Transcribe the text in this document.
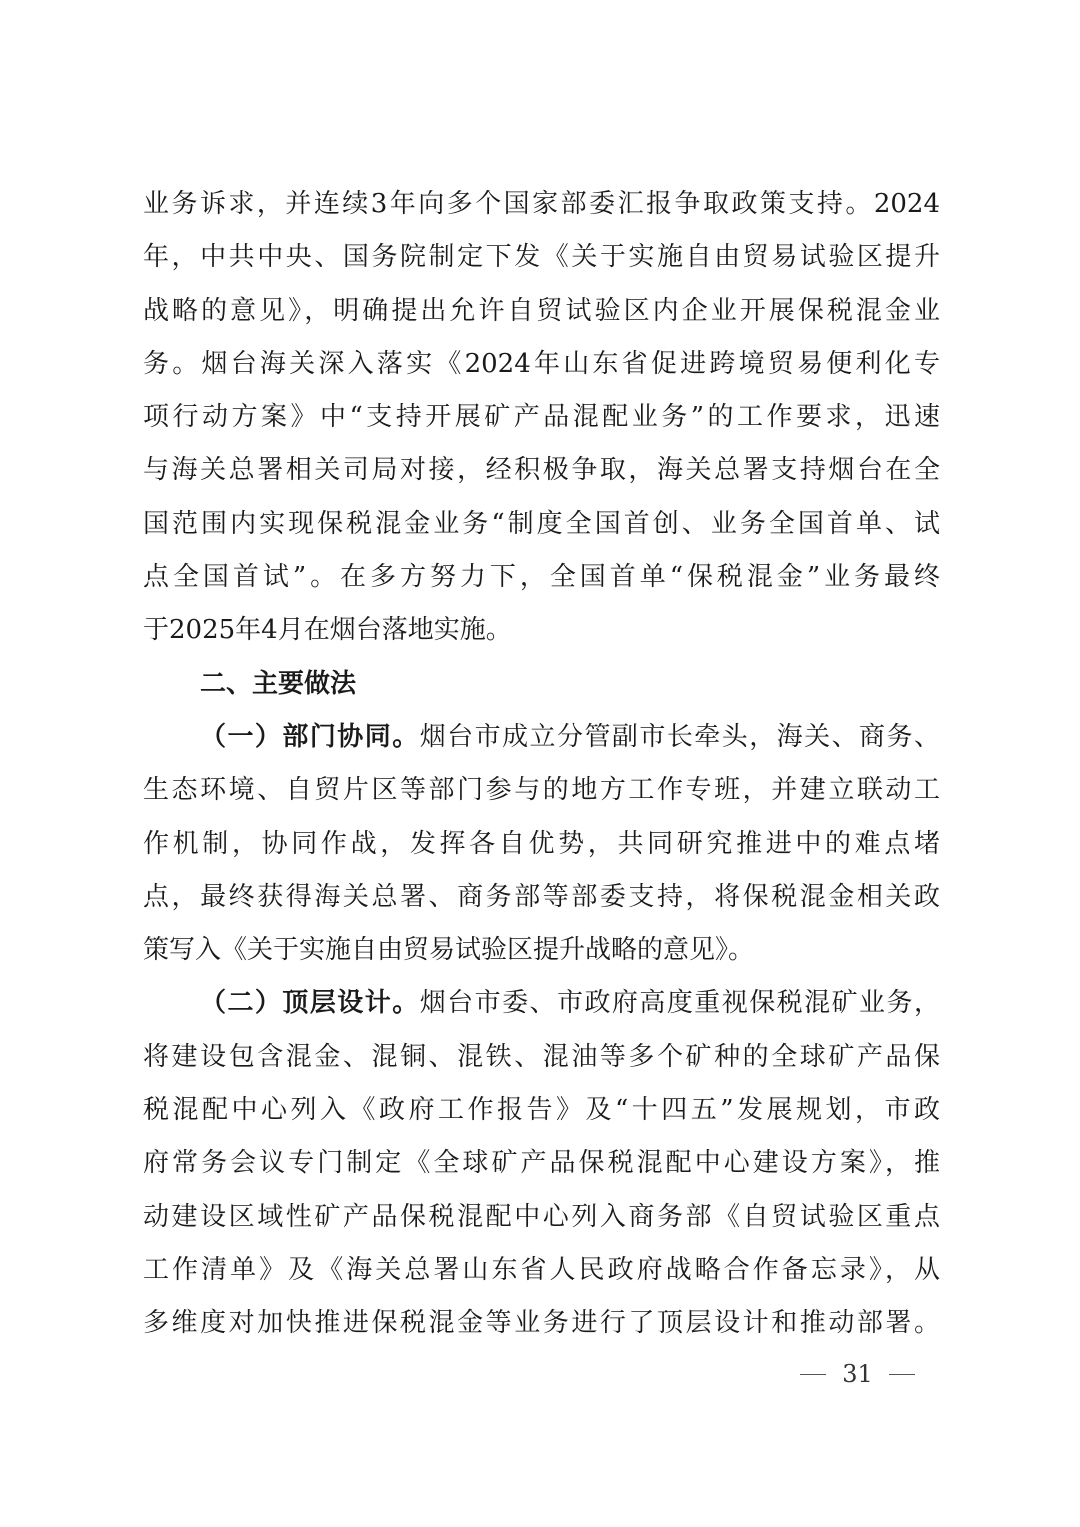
业务诉求，并连续3年向多个国家部委汇报争取政策支持。2024
年，中共中央、国务院制定下发《关于实施自由贸易试验区提升
战略的意见》，明确提出允许自贸试验区内企业开展保税混金业
务。烟台海关深入落实《2024年山东省促进跨境贸易便利化专
项行动方案》中“支持开展矿产品混配业务”的工作要求，迅速
与海关总署相关司局对接，经积极争取，海关总署支持烟台在全
国范围内实现保税混金业务“制度全国首创、业务全国首单、试
点全国首试”。在多方努力下，全国首单“保税混金”业务最终
于2025年4月在烟台落地实施。
二、主要做法
（一）部门协同。烟台市成立分管副市长牵头，海关、商务、
生态环境、自贸片区等部门参与的地方工作专班，并建立联动工
作机制，协同作战，发挥各自优势，共同研究推进中的难点堵
点，最终获得海关总署、商务部等部委支持，将保税混金相关政
策写入《关于实施自由贸易试验区提升战略的意见》。
（二）顶层设计。烟台市委、市政府高度重视保税混矿业务，
将建设包含混金、混铜、混铁、混油等多个矿种的全球矿产品保
税混配中心列入《政府工作报告》及“十四五”发展规划，市政
府常务会议专门制定《全球矿产品保税混配中心建设方案》，推
动建设区域性矿产品保税混配中心列入商务部《自贸试验区重点
工作清单》及《海关总署山东省人民政府战略合作备忘录》，从
多维度对加快推进保税混金等业务进行了顶层设计和推动部署。
31
